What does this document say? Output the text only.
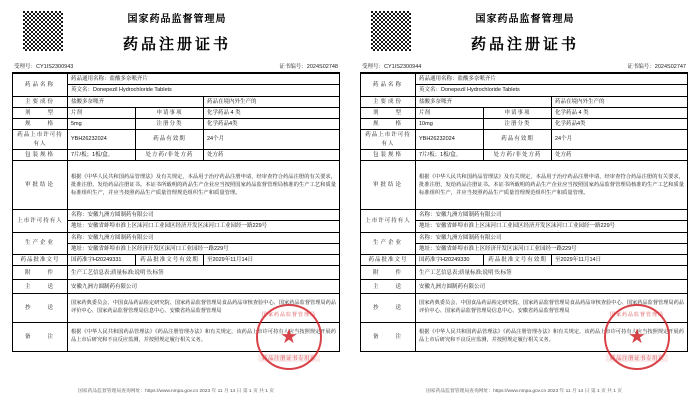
国家药品监督管理局
药品注册证书
受理号：CY1IS2300943	证书编号：2024S02748
药品名称	药品通用名称：盐酸多奈哌齐片		
	英文名：Donepezil Hydrochloride Tablets		
主要成份	盐酸多奈哌齐		药品在境内外生产的
剂　　型	片剂	申请事项	化学药品 4 类
规　　格	5mg	注册分类	化学药品4类
药品上市许可持有人	YBH26232024	药品有效期	24个月
包装规格	7片/板；1板/盒。	处方药/非处方药	处方药
审批结论	根据《中华人民共和国药品管理法》及有关规定，本品用于治疗药品注册申请，经审查符合药品注册的有关要求，批准注册，发给药品注册证书。本证书所载明的药品生产企业应当按照国家药品监督管理局核准的生产工艺和质量标准组织生产，并应当按照药品生产质量管理规范组织生产和质量管理。		
上市许可持有人	名称：安徽九洲方圆制药有限公司		
	地址：安徽省蚌埠市淮上区沫河口工业园区经济开发区沫河口工业园经一路229号		
生产企业	名称：安徽九洲方圆制药有限公司		
	地址：安徽省蚌埠市淮上区经济开发区沫河口工业园经一路229号		
药品批准文号	国药准字H20249331	药品批准文号有效期	至2029年11月14日
附　　件	生产工艺信息表;质量标准;说明书;标签		
主　　送	安徽九洲方圆制药有限公司		
抄　　送	国家药典委员会、中国食品药品检定研究院、国家药品监督管理局食品药品审核查验中心、国家药品监督管理局药品评价中心、国家药品监督管理局信息中心、安徽省药品监督管理局		
备　　注	根据《中华人民共和国药品管理法》《药品注册管理办法》和有关规定，该药品上市许可持有人应当按照规定开展药品上市后研究和不良反应监测，并按照规定履行相关义务。		
国家药品监督管理局
★
药品注册证书专用章
国家药品监督管理局查询网址：https://www.nmpa.gov.cn 2023 年 11 月 14 日 第 1 页 共 1 页
国家药品监督管理局
药品注册证书
受理号：CY1IS2300944	证书编号：2024S02747
药品名称	药品通用名称：盐酸多奈哌齐片		
	英文名：Donepezil Hydrochloride Tablets		
主要成份	盐酸多奈哌齐		药品在境内外生产的
剂　　型	片剂	申请事项	化学药品 4 类
规　　格	10mg	注册分类	化学药品4类
药品上市许可持有人	YBH26232024	药品有效期	24个月
包装规格	7片/板；1板/盒。	处方药/非处方药	处方药
审批结论	根据《中华人民共和国药品管理法》及有关规定，本品用于治疗药品注册申请，经审查符合药品注册的有关要求，批准注册，发给药品注册证书。本证书所载明的药品生产企业应当按照国家药品监督管理局核准的生产工艺和质量标准组织生产，并应当按照药品生产质量管理规范组织生产和质量管理。		
上市许可持有人	名称：安徽九洲方圆制药有限公司		
	地址：安徽省蚌埠市淮上区沫河口工业园区经济开发区沫河口工业园经一路229号		
生产企业	名称：安徽九洲方圆制药有限公司		
	地址：安徽省蚌埠市淮上区经济开发区沫河口工业园经一路229号		
药品批准文号	国药准字H20249330	药品批准文号有效期	至2029年11月14日
附　　件	生产工艺信息表;质量标准;说明书;标签		
主　　送	安徽九洲方圆制药有限公司		
抄　　送	国家药典委员会、中国食品药品检定研究院、国家药品监督管理局食品药品审核查验中心、国家药品监督管理局药品评价中心、国家药品监督管理局信息中心、安徽省药品监督管理局		
备　　注	根据《中华人民共和国药品管理法》《药品注册管理办法》和有关规定，该药品上市许可持有人应当按照规定开展药品上市后研究和不良反应监测，并按照规定履行相关义务。		
国家药品监督管理局
★
药品注册证书专用章
国家药品监督管理局查询网址：https://www.nmpa.gov.cn 2023 年 11 月 14 日 第 1 页 共 1 页
